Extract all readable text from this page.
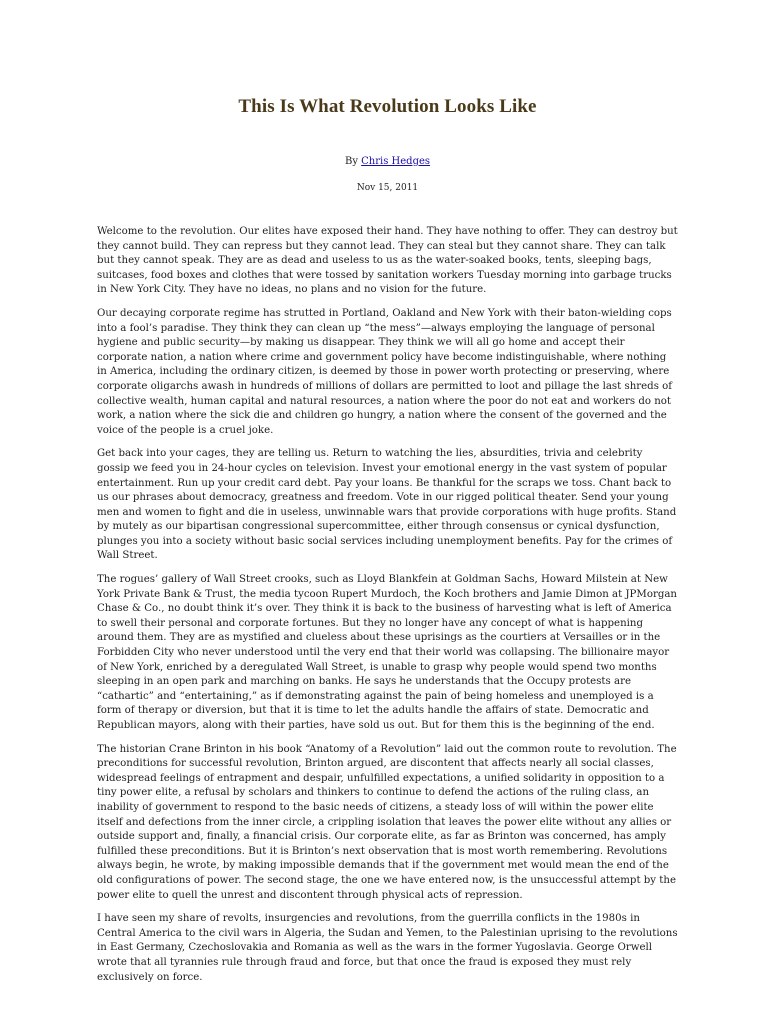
This Is What Revolution Looks Like
By Chris Hedges
Nov 15, 2011

Welcome to the revolution. Our elites have exposed their hand. They have nothing to offer. They can destroy but they cannot build. They can repress but they cannot lead. They can steal but they cannot share. They can talk but they cannot speak. They are as dead and useless to us as the water-soaked books, tents, sleeping bags, suitcases, food boxes and clothes that were tossed by sanitation workers Tuesday morning into garbage trucks in New York City. They have no ideas, no plans and no vision for the future.

Our decaying corporate regime has strutted in Portland, Oakland and New York with their baton-wielding cops into a fool’s paradise. They think they can clean up “the mess”—always employing the language of personal hygiene and public security—by making us disappear. They think we will all go home and accept their corporate nation, a nation where crime and government policy have become indistinguishable, where nothing in America, including the ordinary citizen, is deemed by those in power worth protecting or preserving, where corporate oligarchs awash in hundreds of millions of dollars are permitted to loot and pillage the last shreds of collective wealth, human capital and natural resources, a nation where the poor do not eat and workers do not work, a nation where the sick die and children go hungry, a nation where the consent of the governed and the voice of the people is a cruel joke.

Get back into your cages, they are telling us. Return to watching the lies, absurdities, trivia and celebrity gossip we feed you in 24-hour cycles on television. Invest your emotional energy in the vast system of popular entertainment. Run up your credit card debt. Pay your loans. Be thankful for the scraps we toss. Chant back to us our phrases about democracy, greatness and freedom. Vote in our rigged political theater. Send your young men and women to fight and die in useless, unwinnable wars that provide corporations with huge profits. Stand by mutely as our bipartisan congressional supercommittee, either through consensus or cynical dysfunction, plunges you into a society without basic social services including unemployment benefits. Pay for the crimes of Wall Street.

The rogues’ gallery of Wall Street crooks, such as Lloyd Blankfein at Goldman Sachs, Howard Milstein at New York Private Bank & Trust, the media tycoon Rupert Murdoch, the Koch brothers and Jamie Dimon at JPMorgan Chase & Co., no doubt think it’s over. They think it is back to the business of harvesting what is left of America to swell their personal and corporate fortunes. But they no longer have any concept of what is happening around them. They are as mystified and clueless about these uprisings as the courtiers at Versailles or in the Forbidden City who never understood until the very end that their world was collapsing. The billionaire mayor of New York, enriched by a deregulated Wall Street, is unable to grasp why people would spend two months sleeping in an open park and marching on banks. He says he understands that the Occupy protests are “cathartic” and “entertaining,” as if demonstrating against the pain of being homeless and unemployed is a form of therapy or diversion, but that it is time to let the adults handle the affairs of state. Democratic and Republican mayors, along with their parties, have sold us out. But for them this is the beginning of the end.

The historian Crane Brinton in his book “Anatomy of a Revolution” laid out the common route to revolution. The preconditions for successful revolution, Brinton argued, are discontent that affects nearly all social classes, widespread feelings of entrapment and despair, unfulfilled expectations, a unified solidarity in opposition to a tiny power elite, a refusal by scholars and thinkers to continue to defend the actions of the ruling class, an inability of government to respond to the basic needs of citizens, a steady loss of will within the power elite itself and defections from the inner circle, a crippling isolation that leaves the power elite without any allies or outside support and, finally, a financial crisis. Our corporate elite, as far as Brinton was concerned, has amply fulfilled these preconditions. But it is Brinton’s next observation that is most worth remembering. Revolutions always begin, he wrote, by making impossible demands that if the government met would mean the end of the old configurations of power. The second stage, the one we have entered now, is the unsuccessful attempt by the power elite to quell the unrest and discontent through physical acts of repression.

I have seen my share of revolts, insurgencies and revolutions, from the guerrilla conflicts in the 1980s in Central America to the civil wars in Algeria, the Sudan and Yemen, to the Palestinian uprising to the revolutions in East Germany, Czechoslovakia and Romania as well as the wars in the former Yugoslavia. George Orwell wrote that all tyrannies rule through fraud and force, but that once the fraud is exposed they must rely exclusively on force.
